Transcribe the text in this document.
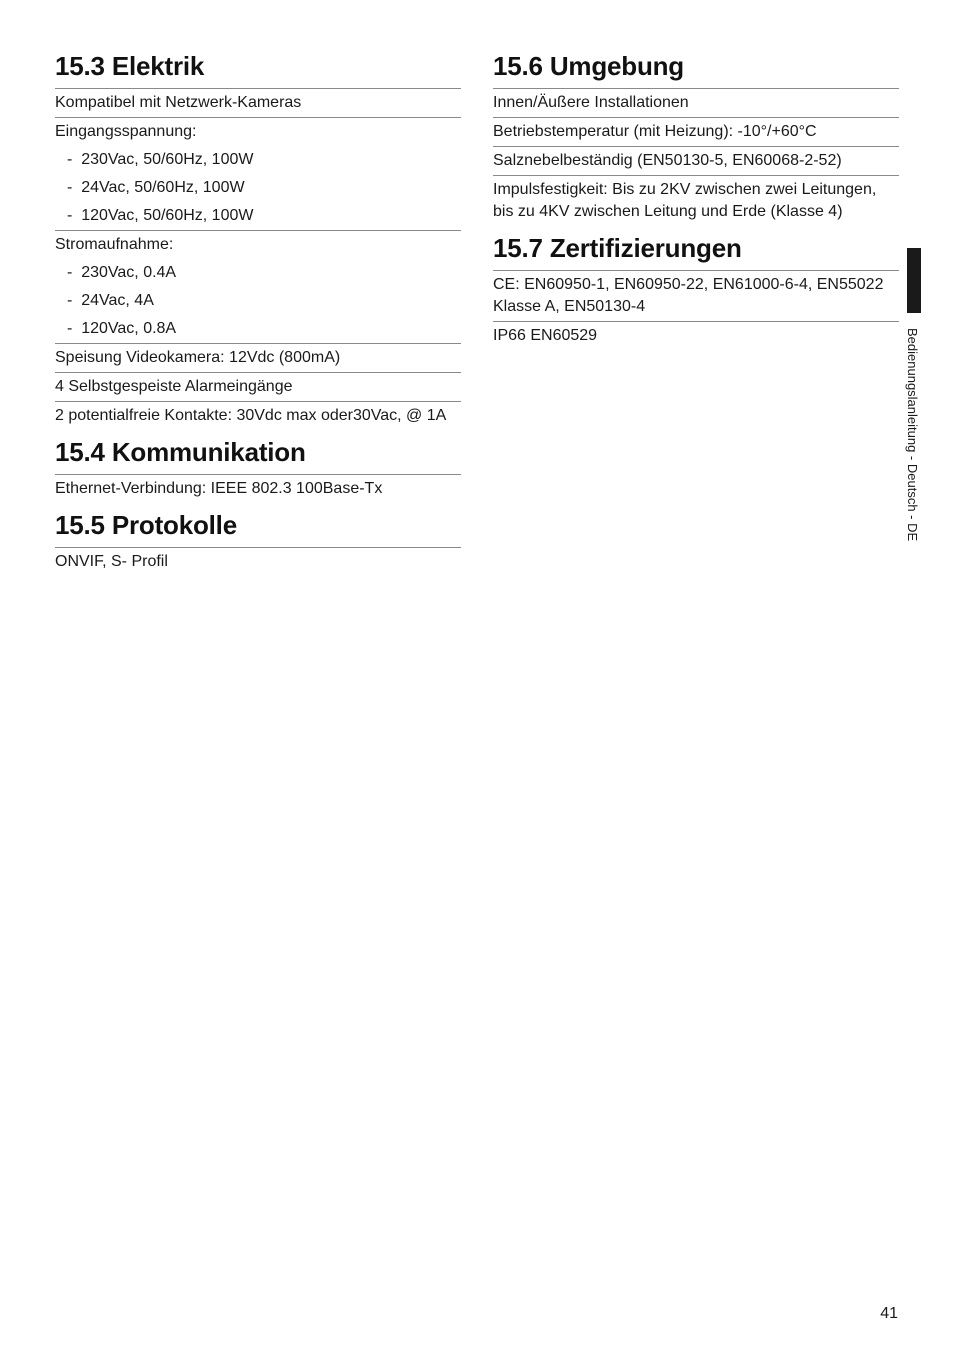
15.3 Elektrik
Kompatibel mit Netzwerk-Kameras
Eingangsspannung:
- 230Vac, 50/60Hz, 100W
- 24Vac, 50/60Hz, 100W
- 120Vac, 50/60Hz, 100W
Stromaufnahme:
- 230Vac, 0.4A
- 24Vac, 4A
- 120Vac, 0.8A
Speisung Videokamera: 12Vdc (800mA)
4 Selbstgespeiste Alarmeingänge
2 potentialfreie Kontakte: 30Vdc max oder30Vac, @ 1A
15.4 Kommunikation
Ethernet-Verbindung: IEEE 802.3 100Base-Tx
15.5 Protokolle
ONVIF, S- Profil
15.6 Umgebung
Innen/Äußere Installationen
Betriebstemperatur (mit Heizung): -10°/+60°C
Salznebelbeständig (EN50130-5, EN60068-2-52)
Impulsfestigkeit: Bis zu 2KV zwischen zwei Leitungen, bis zu 4KV zwischen Leitung und Erde (Klasse 4)
15.7 Zertifizierungen
CE: EN60950-1, EN60950-22, EN61000-6-4, EN55022 Klasse A, EN50130-4
IP66 EN60529	Bedienungslanleitung - Deutsch - DE
41
